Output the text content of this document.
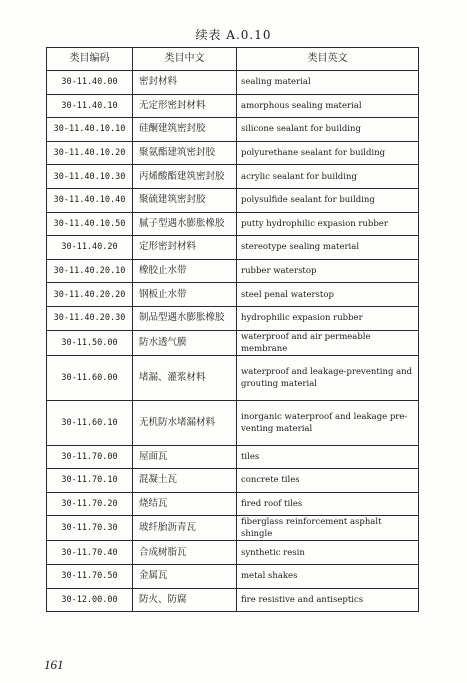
续表 A.0.10
类目编码	类目中文	类目英文
30-11.40.00	密封材料	sealing material
30-11.40.10	无定形密封材料	amorphous sealing material
30-11.40.10.10	硅酮建筑密封胶	silicone sealant for building
30-11.40.10.20	聚氨酯建筑密封胶	polyurethane sealant for building
30-11.40.10.30	丙烯酸酯建筑密封胶	acrylic sealant for building
30-11.40.10.40	聚硫建筑密封胶	polysulfide sealant for building
30-11.40.10.50	腻子型遇水膨胀橡胶	putty hydrophilic expasion rubber
30-11.40.20	定形密封材料	stereotype sealing material
30-11.40.20.10	橡胶止水带	rubber waterstop
30-11.40.20.20	钢板止水带	steel penal waterstop
30-11.40.20.30	制品型遇水膨胀橡胶	hydrophilic expasion rubber
30-11.50.00	防水透气膜	waterproof and air permeable membrane
30-11.60.00	堵漏、灌浆材料	waterproof and leakage-preventing and grouting material
30-11.60.10	无机防水堵漏材料	inorganic waterproof and leakage pre-venting material
30-11.70.00	屋面瓦	tiles
30-11.70.10	混凝土瓦	concrete tiles
30-11.70.20	烧结瓦	fired roof tiles
30-11.70.30	玻纤胎沥青瓦	fiberglass reinforcement asphalt shingle
30-11.70.40	合成树脂瓦	synthetic resin
30-11.70.50	金属瓦	metal shakes
30-12.00.00	防火、防腐	fire resistive and antiseptics
161
